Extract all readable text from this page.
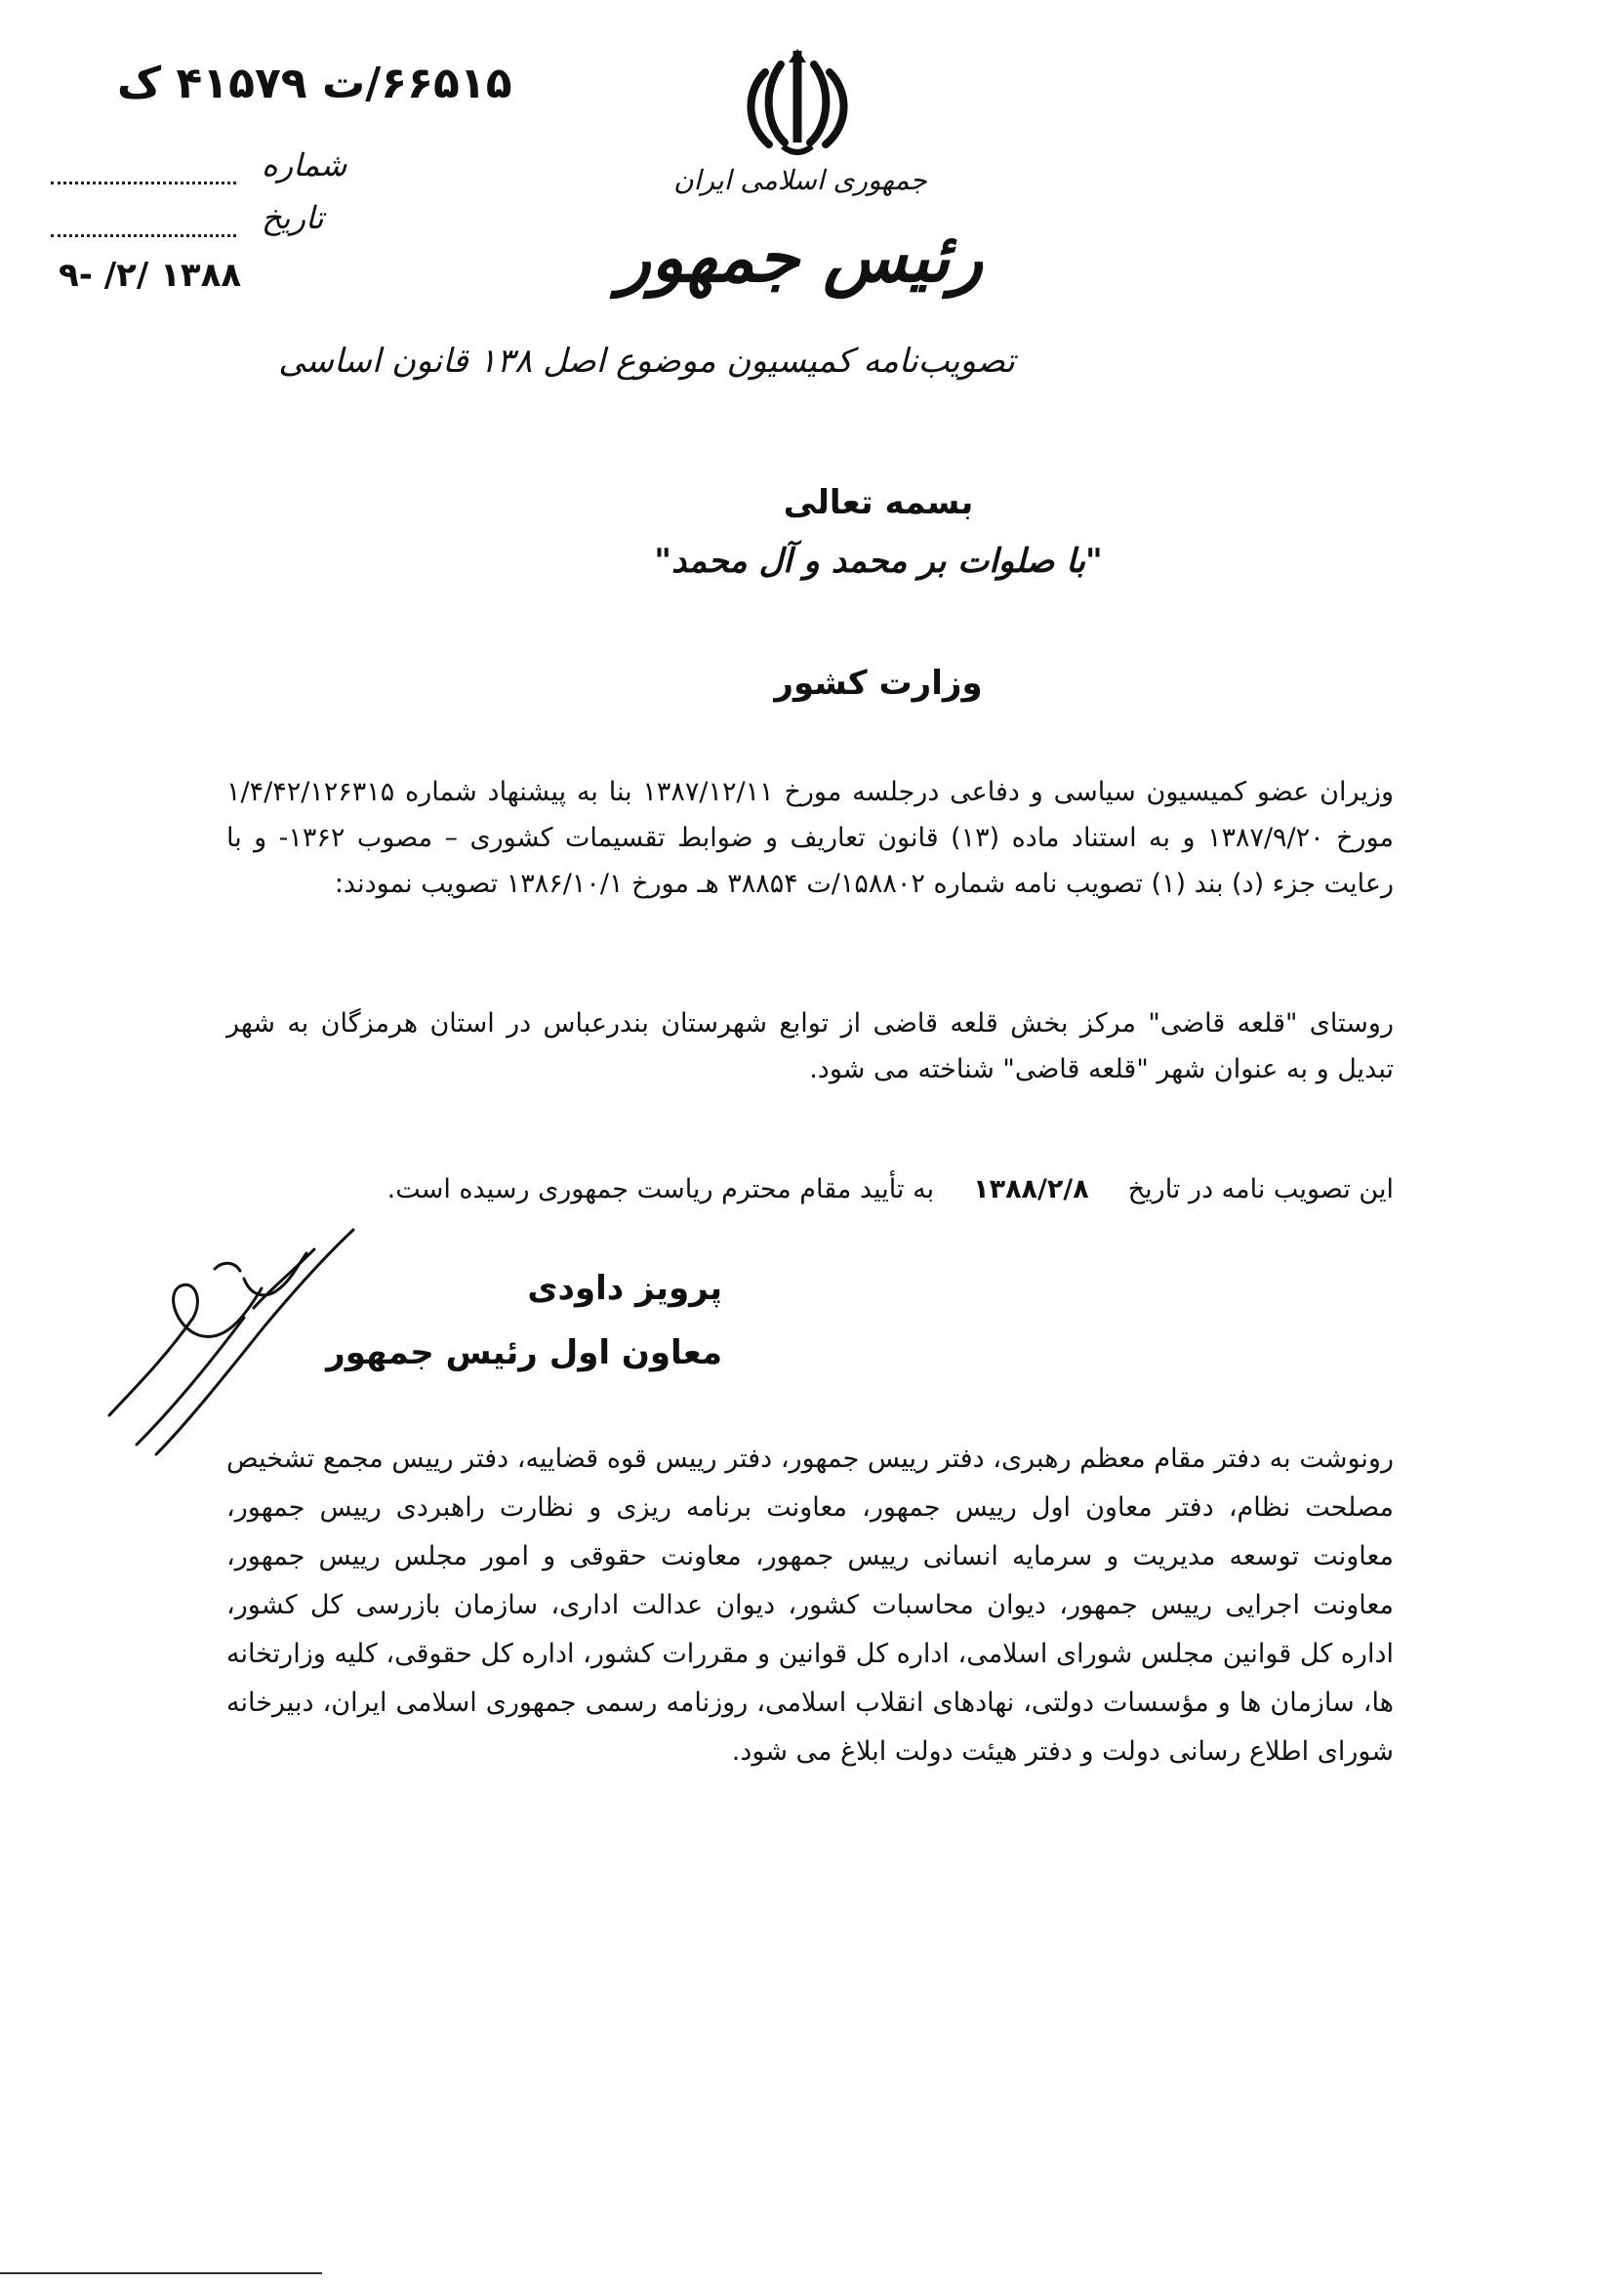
۶۶۵۱۵/ت ۴۱۵۷۹ ک
شماره
تاریخ
۱۳۸۸ /۲/ -۹
جمهوری اسلامی ایران
رئیس جمهور
تصویب‌نامه کمیسیون موضوع اصل ۱۳۸ قانون اساسی
بسمه تعالی
"با صلوات بر محمد و آل محمد"
وزارت کشور
وزیران عضو کمیسیون سیاسی و دفاعی درجلسه مورخ ۱۳۸۷/۱۲/۱۱ بنا به پیشنهاد شماره ۱/۴/۴۲/۱۲۶۳۱۵ مورخ ۱۳۸۷/۹/۲۰ و به استناد ماده (۱۳) قانون تعاریف و ضوابط تقسیمات کشوری – مصوب ۱۳۶۲- و با رعایت جزء (د) بند (۱) تصویب نامه شماره ۱۵۸۸۰۲/ت ۳۸۸۵۴ هـ مورخ ۱۳۸۶/۱۰/۱ تصویب نمودند:
روستای "قلعه قاضی" مرکز بخش قلعه قاضی از توابع شهرستان بندرعباس در استان هرمزگان به شهر تبدیل و به عنوان شهر "قلعه قاضی" شناخته می شود.
این تصویب نامه در تاریخ۱۳۸۸/۲/۸به تأیید مقام محترم ریاست جمهوری رسیده است.
پرویز داودی
معاون اول رئیس جمهور
رونوشت به دفتر مقام معظم رهبری، دفتر رییس جمهور، دفتر رییس قوه قضاییه، دفتر رییس مجمع تشخیص مصلحت نظام، دفتر معاون اول رییس جمهور، معاونت برنامه ریزی و نظارت راهبردی رییس جمهور، معاونت توسعه مدیریت و سرمایه انسانی رییس جمهور، معاونت حقوقی و امور مجلس رییس جمهور، معاونت اجرایی رییس جمهور، دیوان محاسبات کشور، دیوان عدالت اداری، سازمان بازرسی کل کشور، اداره کل قوانین مجلس شورای اسلامی، اداره کل قوانین و مقررات کشور، اداره کل حقوقی، کلیه وزارتخانه ها، سازمان ها و مؤسسات دولتی، نهادهای انقلاب اسلامی، روزنامه رسمی جمهوری اسلامی ایران، دبیرخانه شورای اطلاع رسانی دولت و دفتر هیئت دولت ابلاغ می شود.
